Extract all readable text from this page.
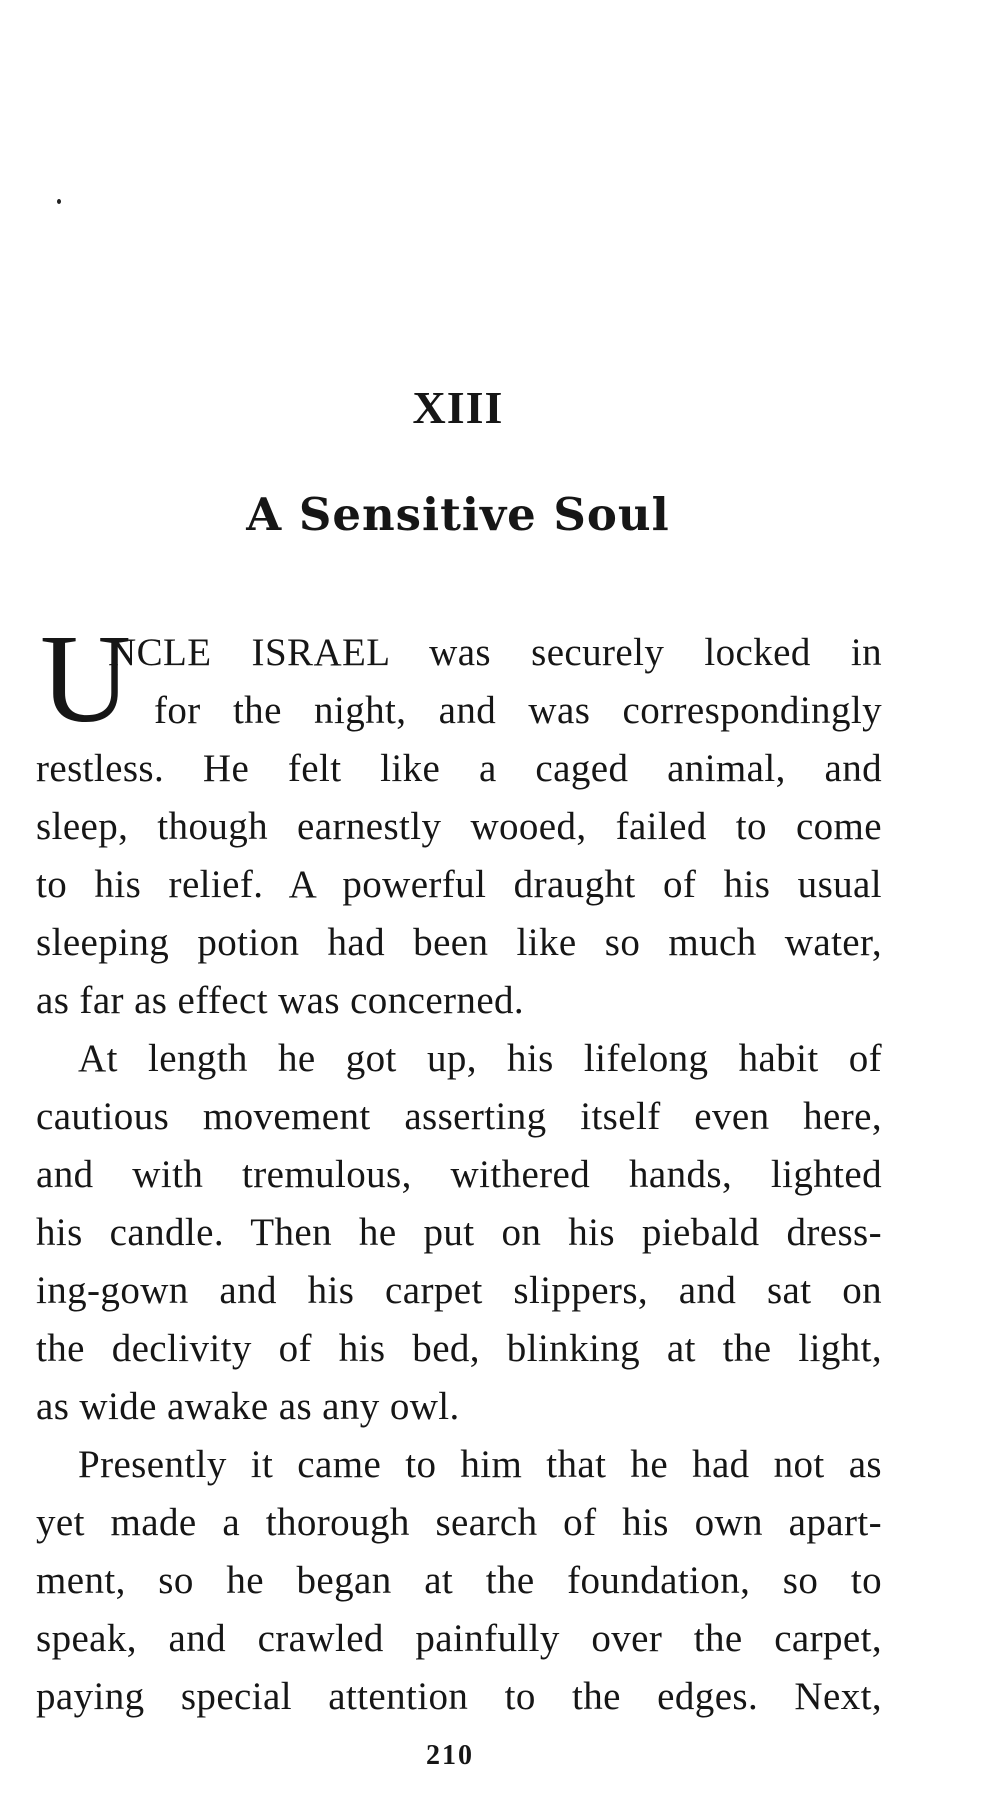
XIII
A Sensitive Soul
U
NCLE ISRAEL was securely locked in
for the night, and was correspondingly
restless. He felt like a caged animal, and
sleep, though earnestly wooed, failed to come
to his relief. A powerful draught of his usual
sleeping potion had been like so much water,
as far as effect was concerned.
At length he got up, his lifelong habit of
cautious movement asserting itself even here,
and with tremulous, withered hands, lighted
his candle. Then he put on his piebald dress-
ing-gown and his carpet slippers, and sat on
the declivity of his bed, blinking at the light,
as wide awake as any owl.
Presently it came to him that he had not as
yet made a thorough search of his own apart-
ment, so he began at the foundation, so to
speak, and crawled painfully over the carpet,
paying special attention to the edges. Next,
210
